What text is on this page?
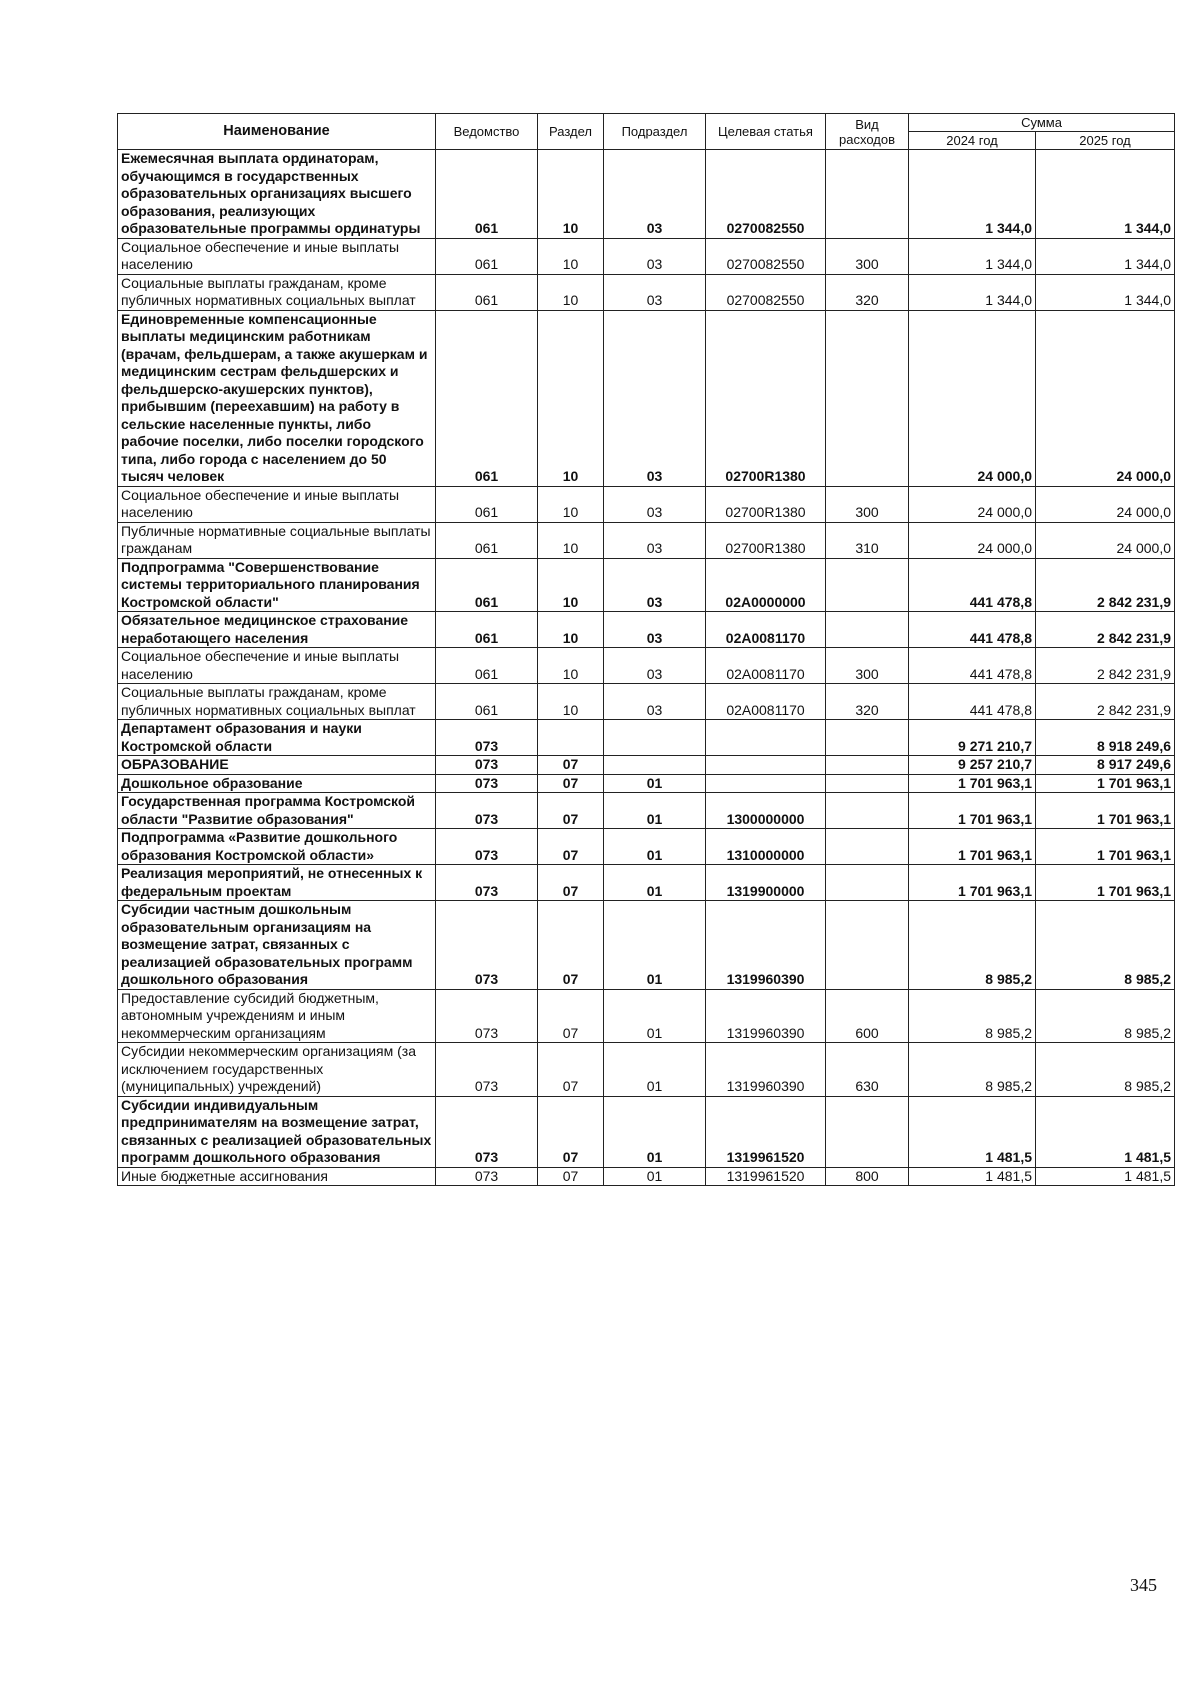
Наименование	Ведомство	Раздел	Подраздел	Целевая статья	Вид расходов	Сумма	
						2024 год	2025 год
Ежемесячная выплата ординаторам, обучающимся в государственных образовательных организациях высшего образования, реализующих образовательные программы ординатуры	061	10	03	0270082550		1 344,0	1 344,0
Социальное обеспечение и иные выплаты населению	061	10	03	0270082550	300	1 344,0	1 344,0
Социальные выплаты гражданам, кроме публичных нормативных социальных выплат	061	10	03	0270082550	320	1 344,0	1 344,0
Единовременные компенсационные выплаты медицинским работникам (врачам, фельдшерам, а также акушеркам и медицинским сестрам фельдшерских и фельдшерско-акушерских пунктов), прибывшим (переехавшим) на работу в сельские населенные пункты, либо рабочие поселки, либо поселки городского типа, либо города с населением до 50 тысяч человек	061	10	03	02700R1380		24 000,0	24 000,0
Социальное обеспечение и иные выплаты населению	061	10	03	02700R1380	300	24 000,0	24 000,0
Публичные нормативные социальные выплаты гражданам	061	10	03	02700R1380	310	24 000,0	24 000,0
Подпрограмма "Совершенствование системы территориального планирования Костромской области"	061	10	03	02А0000000		441 478,8	2 842 231,9
Обязательное медицинское страхование неработающего населения	061	10	03	02А0081170		441 478,8	2 842 231,9
Социальное обеспечение и иные выплаты населению	061	10	03	02А0081170	300	441 478,8	2 842 231,9
Социальные выплаты гражданам, кроме публичных нормативных социальных выплат	061	10	03	02А0081170	320	441 478,8	2 842 231,9
Департамент образования и науки Костромской области	073					9 271 210,7	8 918 249,6
ОБРАЗОВАНИЕ	073	07				9 257 210,7	8 917 249,6
Дошкольное образование	073	07	01			1 701 963,1	1 701 963,1
Государственная программа Костромской области "Развитие образования"	073	07	01	1300000000		1 701 963,1	1 701 963,1
Подпрограмма «Развитие дошкольного образования Костромской области»	073	07	01	1310000000		1 701 963,1	1 701 963,1
Реализация мероприятий, не отнесенных к федеральным проектам	073	07	01	1319900000		1 701 963,1	1 701 963,1
Субсидии частным дошкольным образовательным организациям на возмещение затрат, связанных с реализацией образовательных программ дошкольного образования	073	07	01	1319960390		8 985,2	8 985,2
Предоставление субсидий бюджетным, автономным учреждениям и иным некоммерческим организациям	073	07	01	1319960390	600	8 985,2	8 985,2
Субсидии некоммерческим организациям (за исключением государственных (муниципальных) учреждений)	073	07	01	1319960390	630	8 985,2	8 985,2
Субсидии индивидуальным предпринимателям на возмещение затрат, связанных с реализацией образовательных программ дошкольного образования	073	07	01	1319961520		1 481,5	1 481,5
Иные бюджетные ассигнования	073	07	01	1319961520	800	1 481,5	1 481,5
345
